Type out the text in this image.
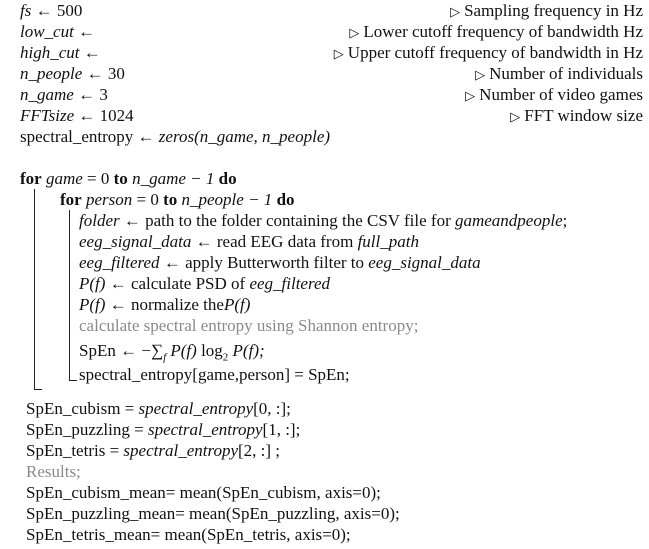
fs ← 500	▷ Sampling frequency in Hz
low_cut ←	▷ Lower cutoff frequency of bandwidth Hz
high_cut ←	▷ Upper cutoff frequency of bandwidth in Hz
n_people ← 30	▷ Number of individuals
n_game ← 3	▷ Number of video games
FFTsize ← 1024	▷ FFT window size
spectral_entropy ← zeros(n_game, n_people)
for game = 0 to n_game − 1 do
for person = 0 to n_people − 1 do
folder ← path to the folder containing the CSV file for gameandpeople;
eeg_signal_data ← read EEG data from full_path
eeg_filtered ← apply Butterworth filter to eeg_signal_data
P(f) ← calculate PSD of eeg_filtered
P(f) ← normalize theP(f)
calculate spectral entropy using Shannon entropy;
SpEn ← $-\sum_f$ P(f) $\log_2 P(f)$;
spectral_entropy[game,person] = SpEn;
SpEn_cubism = spectral_entropy[0, :];
SpEn_puzzling = spectral_entropy[1, :];
SpEn_tetris = spectral_entropy[2, :] ;
Results;
SpEn_cubism_mean= mean(SpEn_cubism, axis=0);
SpEn_puzzling_mean= mean(SpEn_puzzling, axis=0);
SpEn_tetris_mean= mean(SpEn_tetris, axis=0);
